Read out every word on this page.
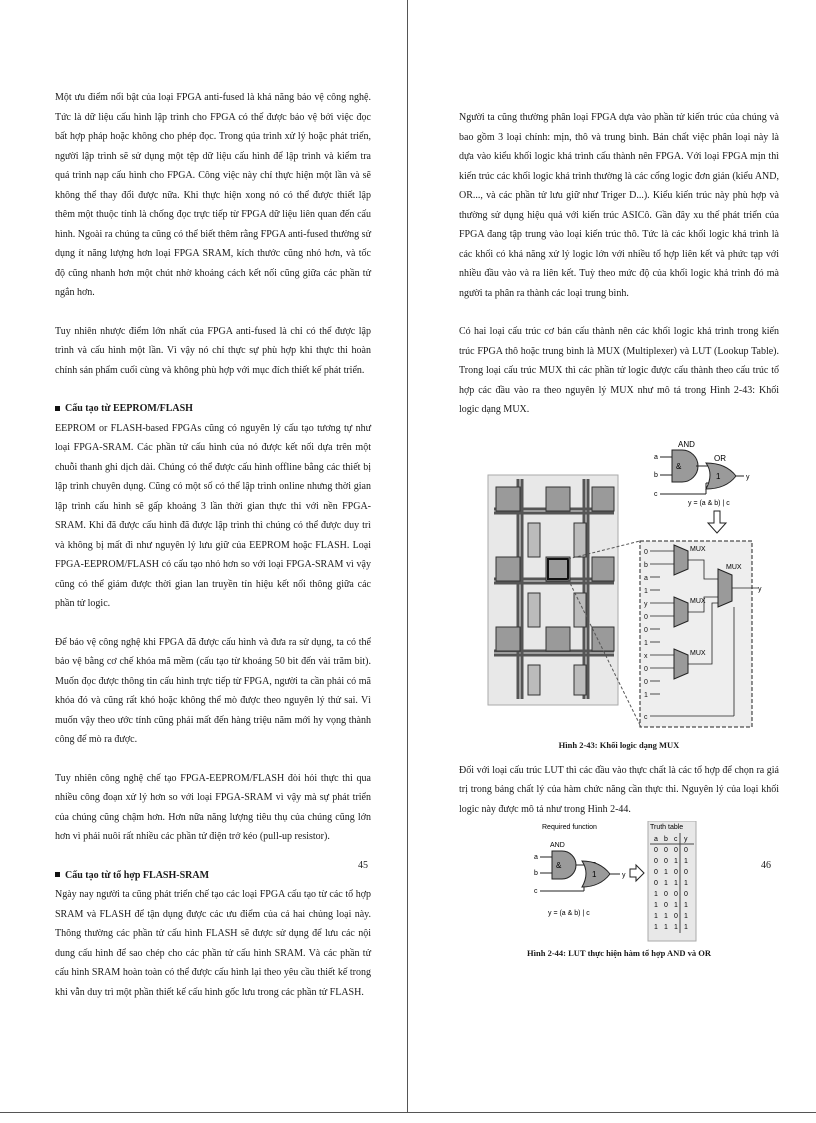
Một ưu điểm nổi bật của loại FPGA anti-fused là khả năng bảo vệ công nghệ. Tức là dữ liệu cấu hình lập trình cho FPGA có thể được bảo vệ bởi việc đọc bất hợp pháp hoặc không cho phép đọc. Trong qúa trình xử lý hoặc phát triển, người lập trình sẽ sử dụng một tệp dữ liệu cấu hình để lập trình và kiểm tra quá trình nạp cấu hình cho FPGA. Công việc này chỉ thực hiện một lần và sẽ không thể thay đổi được nữa. Khi thực hiện xong nó có thể được thiết lập thêm một thuộc tính là chống đọc trực tiếp từ FPGA dữ liệu liên quan đến cấu hình. Ngoài ra chúng ta cũng có thể biết thêm rằng FPGA anti-fused thường sử dụng ít năng lượng hơn loại FPGA SRAM, kích thước cũng nhỏ hơn, và tốc độ cũng nhanh hơn một chút nhờ khoảng cách kết nối cũng giữa các phần tử ngắn hơn.

Tuy nhiên nhược điểm lớn nhất của FPGA anti-fused là chỉ có thể được lập trình và cấu hình một lần. Vì vậy nó chỉ thực sự phù hợp khi thực thi hoàn chỉnh sản phẩm cuối cùng và không phù hợp với mục đích thiết kế phát triển.

Cấu tạo từ EEPROM/FLASH

EEPROM or FLASH-based FPGAs cũng có nguyên lý cấu tạo tương tự như loại FPGA-SRAM. Các phần tử cấu hình của nó được kết nối dựa trên một chuỗi thanh ghi dịch dài. Chúng có thể được cấu hình offline bằng các thiết bị lập trình chuyên dụng. Cũng có một số có thể lập trình online nhưng thời gian lập trình cấu hình sẽ gấp khoảng 3 lần thời gian thực thi với nền FPGA-SRAM. Khi đã được cấu hình đã được lập trình thì chúng có thể được duy trì và không bị mất đi như nguyên lý lưu giữ của EEPROM hoặc FLASH. Loại FPGA-EEPROM/FLASH có cấu tạo nhỏ hơn so với loại FPGA-SRAM vì vậy cũng có thể giảm được thời gian lan truyền tín hiệu kết nối thông giữa các phần tử logic.

Để bảo vệ công nghệ khi FPGA đã được cấu hình và đưa ra sử dụng, ta có thể bảo vệ bằng cơ chế khóa mã mềm (cấu tạo từ khoảng 50 bit đến vài trăm bit). Muốn đọc được thông tin cấu hình trực tiếp từ FPGA, người ta cần phải có mã khóa đó và cũng rất khó hoặc không thể mò được theo nguyên lý thử sai. Vì muốn vậy theo ước tính cũng phải mất đến hàng triệu năm mới hy vọng thành công để mò ra được.

Tuy nhiên công nghệ chế tạo FPGA-EEPROM/FLASH đòi hỏi thực thi qua nhiều công đoạn xử lý hơn so với loại FPGA-SRAM vì vậy mà sự phát triển của chúng cũng chậm hơn. Hơn nữa năng lượng tiêu thụ của chúng cũng lớn hơn vì phải nuôi rất nhiều các phần tử điện trở kéo (pull-up resistor).

Cấu tạo từ tổ hợp FLASH-SRAM

Ngày nay người ta cũng phát triển chế tạo các loại FPGA cấu tạo từ các tổ hợp SRAM và FLASH để tận dụng được các ưu điểm của cả hai chủng loại này. Thông thường các phần tử cấu hình FLASH sẽ được sử dụng để lưu các nội dung cấu hình để sao chép cho các phần tử cấu hình SRAM. Và các phần tử cấu hình SRAM hoàn toàn có thể được cấu hình lại theo yêu cầu thiết kế trong khi vẫn duy trì một phần thiết kế cấu hình gốc lưu trong các phần tử FLASH.

45

Người ta cũng thường phân loại FPGA dựa vào phần tử kiến trúc của chúng và bao gồm 3 loại chính: mịn, thô và trung bình. Bản chất việc phân loại này là dựa vào kiểu khối logic khả trình cấu thành nên FPGA. Với loại FPGA mịn thì kiến trúc các khối logic khả trình thường là các cổng logic đơn giản (kiểu AND, OR..., và các phần tử lưu giữ như Triger D...). Kiểu kiến trúc này phù hợp và thường sử dụng hiệu quả với kiến trúc ASICô. Gần đây xu thế phát triển của FPGA đang tập trung vào loại kiến trúc thô. Tức là các khối logic khả trình là các khối có khả năng xử lý logic lớn với nhiều tổ hợp liên kết và phức tạp với nhiều đầu vào và ra liên kết. Tuỳ theo mức độ của khối logic khả trình đó mà người ta phân ra thành các loại trung bình.

Có hai loại cấu trúc cơ bản cấu thành nên các khối logic khả trình trong kiến trúc FPGA thô hoặc trung bình là MUX (Multiplexer) và LUT (Lookup Table). Trong loại cấu trúc MUX thì các phần tử logic được cấu thành theo cấu trúc tổ hợp các đầu vào ra theo nguyên lý MUX như mô tả trong Hình 2-43: Khối logic dạng MUX.

AND
OR
a
b
c
&
1	y
y = (a & b) | c
0
b
a
1
y
0
0
1
x
0
0
1
c
MUX
MUX
MUX
MUX
y
Hình 2-43: Khối logic dạng MUX

Đối với loại cấu trúc LUT thì các đầu vào thực chất là các tổ hợp để chọn ra giá trị trong bảng chất lý của hàm chức năng cần thực thi. Nguyên lý của loại khối logic này được mô tả như trong Hình 2-44.

Required function	Truth table
AND
a
b
c
&
1	y
y = (a & b) | c
a b c y
0 0 0 0
0 0 1 1
0 1 0 0
0 1 1 1
1 0 0 0
1 0 1 1
1 1 0 1
1 1 1 1
Hình 2-44: LUT thực hiện hàm tổ hợp AND và OR
46
